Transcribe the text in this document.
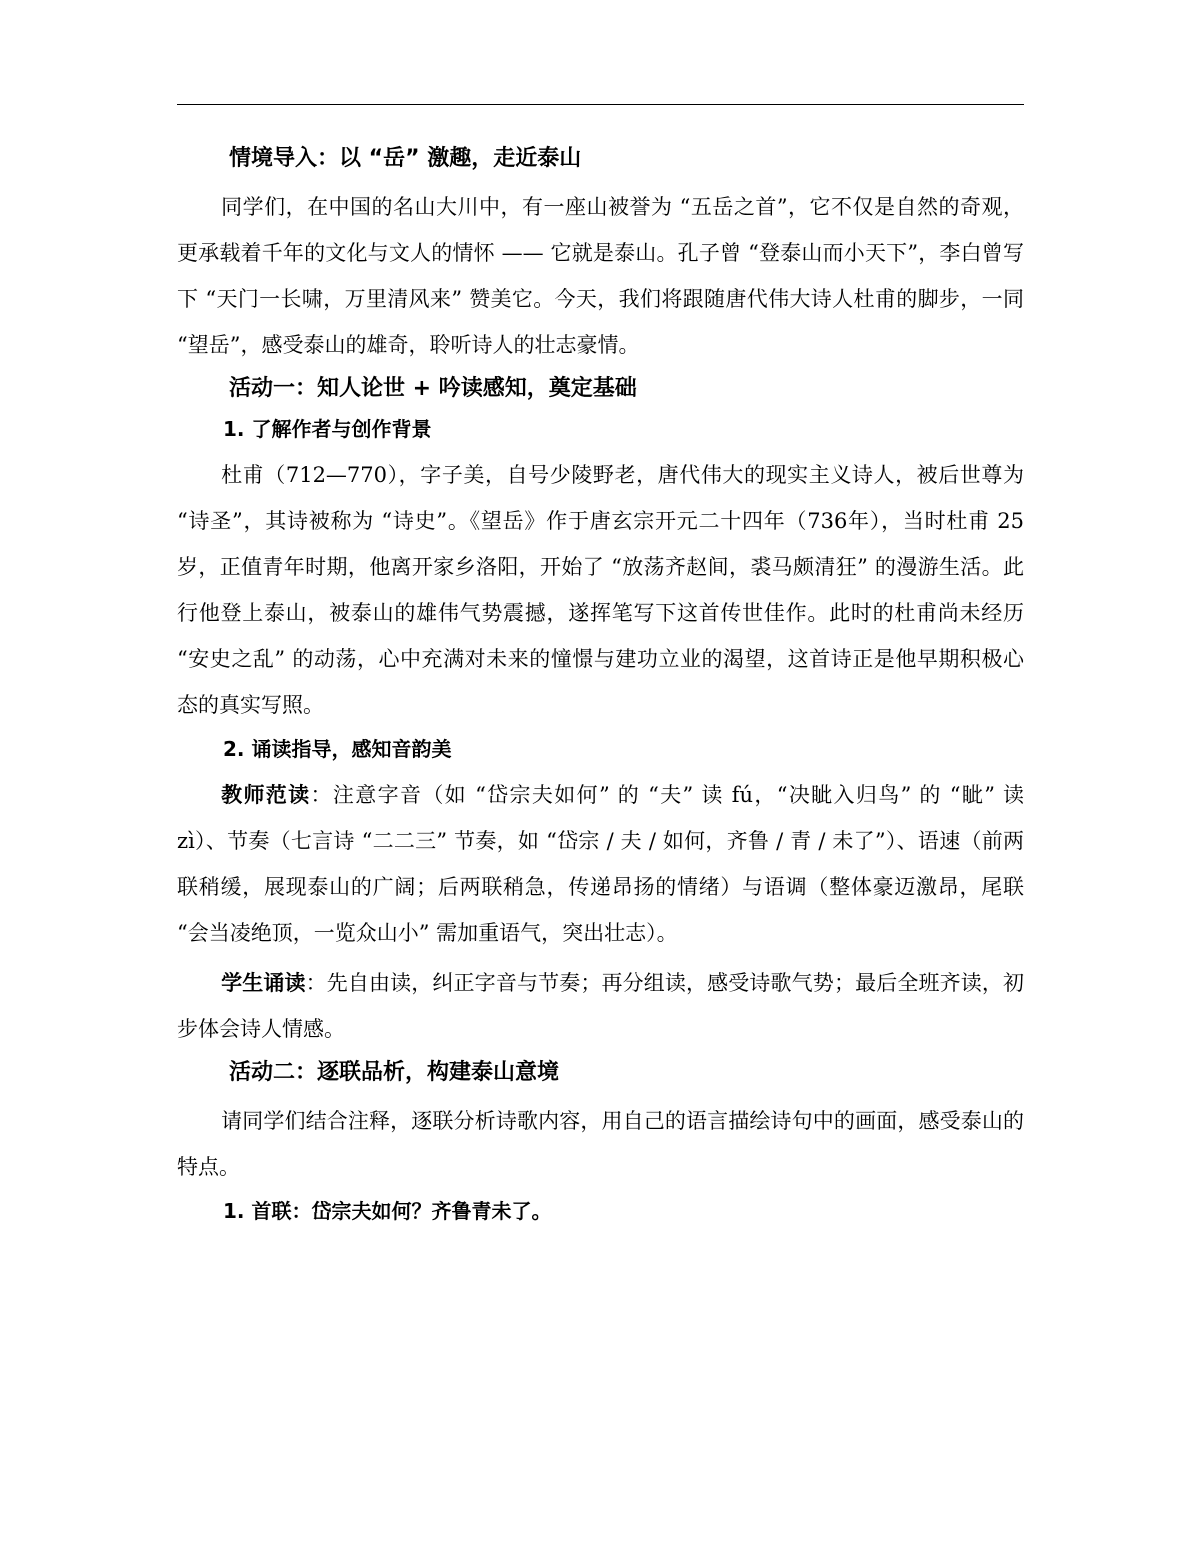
情境导入：以 “岳” 激趣，走近泰山

同学们，在中国的名山大川中，有一座山被誉为 “五岳之首”，它不仅是自然的奇观，更承载着千年的文化与文人的情怀 —— 它就是泰山。孔子曾 “登泰山而小天下”，李白曾写下 “天门一长啸，万里清风来” 赞美它。今天，我们将跟随唐代伟大诗人杜甫的脚步，一同 “望岳”，感受泰山的雄奇，聆听诗人的壮志豪情。

活动一：知人论世 + 吟读感知，奠定基础
1. 了解作者与创作背景

杜甫（712—770），字子美，自号少陵野老，唐代伟大的现实主义诗人，被后世尊为 “诗圣”，其诗被称为 “诗史”。《望岳》作于唐玄宗开元二十四年（736年），当时杜甫 25 岁，正值青年时期，他离开家乡洛阳，开始了 “放荡齐赵间，裘马颇清狂” 的漫游生活。此行他登上泰山，被泰山的雄伟气势震撼，遂挥笔写下这首传世佳作。此时的杜甫尚未经历 “安史之乱” 的动荡，心中充满对未来的憧憬与建功立业的渴望，这首诗正是他早期积极心态的真实写照。

2. 诵读指导，感知音韵美

教师范读：注意字音（如 “岱宗夫如何” 的 “夫” 读 fú，“决眦入归鸟” 的 “眦” 读 zì）、节奏（七言诗 “二二三” 节奏，如 “岱宗 / 夫 / 如何，齐鲁 / 青 / 未了”）、语速（前两联稍缓，展现泰山的广阔；后两联稍急，传递昂扬的情绪）与语调（整体豪迈激昂，尾联 “会当凌绝顶，一览众山小” 需加重语气，突出壮志）。

学生诵读：先自由读，纠正字音与节奏；再分组读，感受诗歌气势；最后全班齐读，初步体会诗人情感。

活动二：逐联品析，构建泰山意境

请同学们结合注释，逐联分析诗歌内容，用自己的语言描绘诗句中的画面，感受泰山的特点。

1. 首联：岱宗夫如何？齐鲁青未了。
